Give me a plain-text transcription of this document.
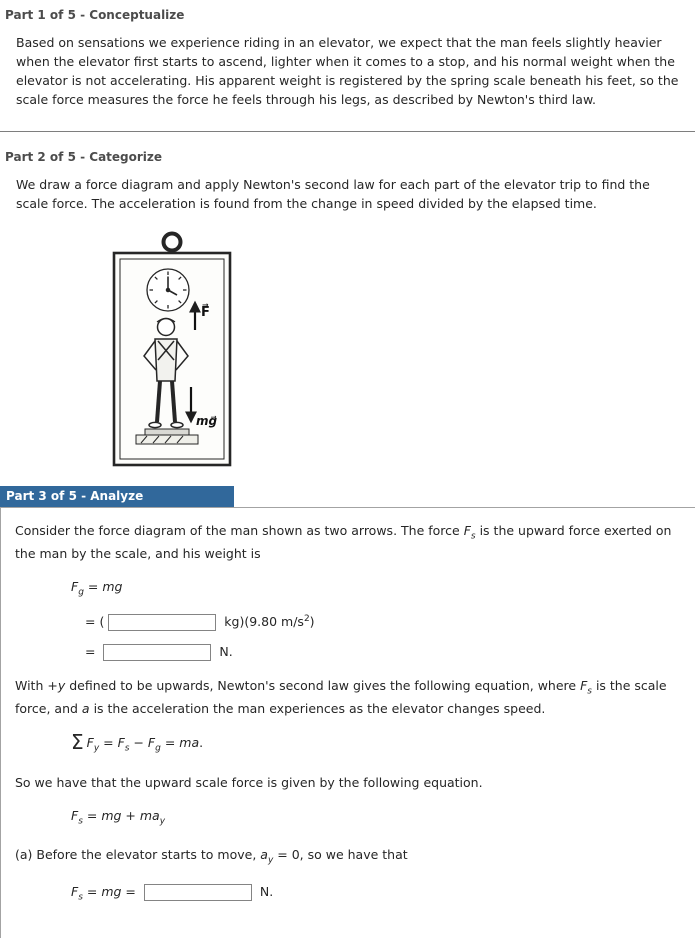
Part 1 of 5 - Conceptualize

Based on sensations we experience riding in an elevator, we expect that the man feels slightly heavier when the elevator first starts to ascend, lighter when it comes to a stop, and his normal weight when the elevator is not accelerating. His apparent weight is registered by the spring scale beneath his feet, so the scale force measures the force he feels through his legs, as described by Newton's third law.

Part 2 of 5 - Categorize

We draw a force diagram and apply Newton's second law for each part of the elevator trip to find the scale force. The acceleration is found from the change in speed divided by the elapsed time.

F⃗
mg⃗
Part 3 of 5 - Analyze

Consider the force diagram of the man shown as two arrows. The force $F_s$ is the upward force exerted on the man by the scale, and his weight is

$F_g$ = mg
= (	kg)(9.80 $m/s^2$)
=	N.

With +y defined to be upwards, Newton's second law gives the following equation, where $F_s$ is the scale force, and a is the acceleration the man experiences as the elevator changes speed.

Σ $F_y = F_s - F_g$ = ma.

So we have that the upward scale force is given by the following equation.

$F_s$ = mg + $ma_y$

(a) Before the elevator starts to move, $a_y = 0$, so we have that

$F_s$ = mg =	N.
